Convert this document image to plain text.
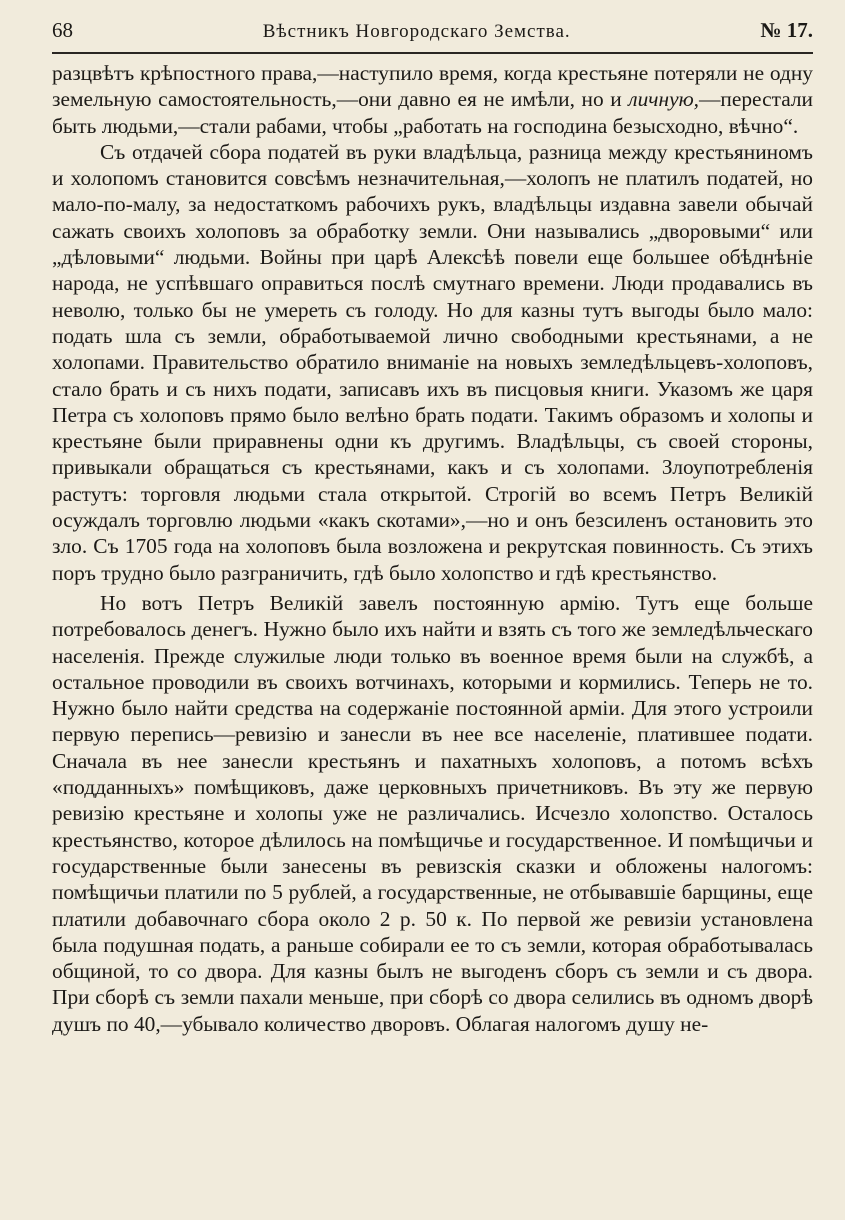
68	Вѣстникъ Новгородскаго Земства.	№ 17.

разцвѣтъ крѣпостного права,—наступило время, когда крестьяне потеряли не одну земельную самостоятельность,—они давно ея не имѣли, но и личную,—перестали быть людьми,—стали рабами, чтобы „работать на господина безысходно, вѣчно“.

Съ отдачей сбора податей въ руки владѣльца, разница между крестьяниномъ и холопомъ становится совсѣмъ незначительная,—холопъ не платилъ податей, но мало-по-малу, за недостаткомъ рабочихъ рукъ, владѣльцы издавна завели обычай сажать своихъ холоповъ за обработку земли. Они назывались „дворовыми“ или „дѣловыми“ людьми. Войны при царѣ Алексѣѣ повели еще большее обѣднѣніе народа, не успѣвшаго оправиться послѣ смутнаго времени. Люди продавались въ неволю, только бы не умереть съ голоду. Но для казны тутъ выгоды было мало: подать шла съ земли, обработываемой лично свободными крестьянами, а не холопами. Правительство обратило вниманіе на новыхъ земледѣльцевъ-холоповъ, стало брать и съ нихъ подати, записавъ ихъ въ писцовыя книги. Указомъ же царя Петра съ холоповъ прямо было велѣно брать подати. Такимъ образомъ и холопы и крестьяне были приравнены одни къ другимъ. Владѣльцы, съ своей стороны, привыкали обращаться съ крестьянами, какъ и съ холопами. Злоупотребленія растутъ: торговля людьми стала открытой. Строгій во всемъ Петръ Великій осуждалъ торговлю людьми «какъ скотами»,—но и онъ безсиленъ остановить это зло. Съ 1705 года на холоповъ была возложена и рекрутская повинность. Съ этихъ поръ трудно было разграничить, гдѣ было холопство и гдѣ крестьянство.

Но вотъ Петръ Великій завелъ постоянную армію. Тутъ еще больше потребовалось денегъ. Нужно было ихъ найти и взять съ того же земледѣльческаго населенія. Прежде служилые люди только въ военное время были на службѣ, а остальное проводили въ своихъ вотчинахъ, которыми и кормились. Теперь не то. Нужно было найти средства на содержаніе постоянной арміи. Для этого устроили первую перепись—ревизію и занесли въ нее все населеніе, платившее подати. Сначала въ нее занесли крестьянъ и пахатныхъ холоповъ, а потомъ всѣхъ «подданныхъ» помѣщиковъ, даже церковныхъ причетниковъ. Въ эту же первую ревизію крестьяне и холопы уже не различались. Исчезло холопство. Осталось крестьянство, которое дѣлилось на помѣщичье и государственное. И помѣщичьи и государственные были занесены въ ревизскія сказки и обложены налогомъ: помѣщичьи платили по 5 рублей, а государственные, не отбывавшіе барщины, еще платили добавочнаго сбора около 2 р. 50 к. По первой же ревизіи установлена была подушная подать, а раньше собирали ее то съ земли, которая обработывалась общиной, то со двора. Для казны былъ не выгоденъ сборъ съ земли и съ двора. При сборѣ съ земли пахали меньше, при сборѣ со двора селились въ одномъ дворѣ душъ по 40,—убывало количество дворовъ. Облагая налогомъ душу не-
